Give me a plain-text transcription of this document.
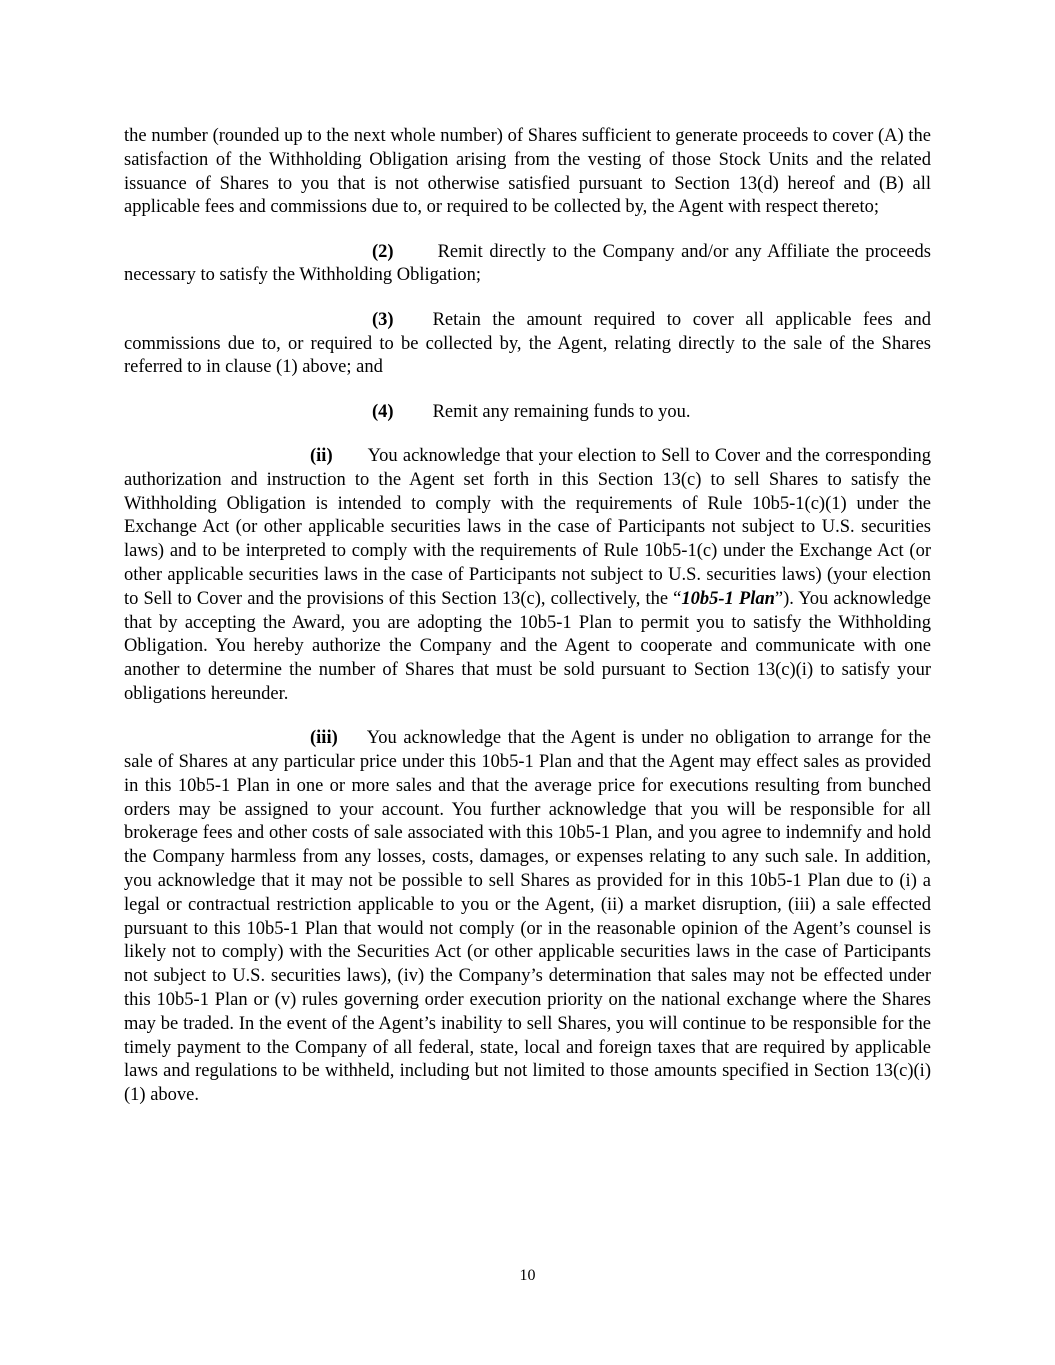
the number (rounded up to the next whole number) of Shares sufficient to generate proceeds to cover (A) the satisfaction of the Withholding Obligation arising from the vesting of those Stock Units and the related issuance of Shares to you that is not otherwise satisfied pursuant to Section 13(d) hereof and (B) all applicable fees and commissions due to, or required to be collected by, the Agent with respect thereto;

(2) Remit directly to the Company and/or any Affiliate the proceeds necessary to satisfy the Withholding Obligation;

(3) Retain the amount required to cover all applicable fees and commissions due to, or required to be collected by, the Agent, relating directly to the sale of the Shares referred to in clause (1) above; and

(4) Remit any remaining funds to you.

(ii) You acknowledge that your election to Sell to Cover and the corresponding authorization and instruction to the Agent set forth in this Section 13(c) to sell Shares to satisfy the Withholding Obligation is intended to comply with the requirements of Rule 10b5-1(c)(1) under the Exchange Act (or other applicable securities laws in the case of Participants not subject to U.S. securities laws) and to be interpreted to comply with the requirements of Rule 10b5-1(c) under the Exchange Act (or other applicable securities laws in the case of Participants not subject to U.S. securities laws) (your election to Sell to Cover and the provisions of this Section 13(c), collectively, the “10b5-1 Plan”). You acknowledge that by accepting the Award, you are adopting the 10b5-1 Plan to permit you to satisfy the Withholding Obligation. You hereby authorize the Company and the Agent to cooperate and communicate with one another to determine the number of Shares that must be sold pursuant to Section 13(c)(i) to satisfy your obligations hereunder.

(iii) You acknowledge that the Agent is under no obligation to arrange for the sale of Shares at any particular price under this 10b5-1 Plan and that the Agent may effect sales as provided in this 10b5-1 Plan in one or more sales and that the average price for executions resulting from bunched orders may be assigned to your account. You further acknowledge that you will be responsible for all brokerage fees and other costs of sale associated with this 10b5-1 Plan, and you agree to indemnify and hold the Company harmless from any losses, costs, damages, or expenses relating to any such sale. In addition, you acknowledge that it may not be possible to sell Shares as provided for in this 10b5-1 Plan due to (i) a legal or contractual restriction applicable to you or the Agent, (ii) a market disruption, (iii) a sale effected pursuant to this 10b5-1 Plan that would not comply (or in the reasonable opinion of the Agent’s counsel is likely not to comply) with the Securities Act (or other applicable securities laws in the case of Participants not subject to U.S. securities laws), (iv) the Company’s determination that sales may not be effected under this 10b5-1 Plan or (v) rules governing order execution priority on the national exchange where the Shares may be traded. In the event of the Agent’s inability to sell Shares, you will continue to be responsible for the timely payment to the Company of all federal, state, local and foreign taxes that are required by applicable laws and regulations to be withheld, including but not limited to those amounts specified in Section 13(c)(i)(1) above.

10
